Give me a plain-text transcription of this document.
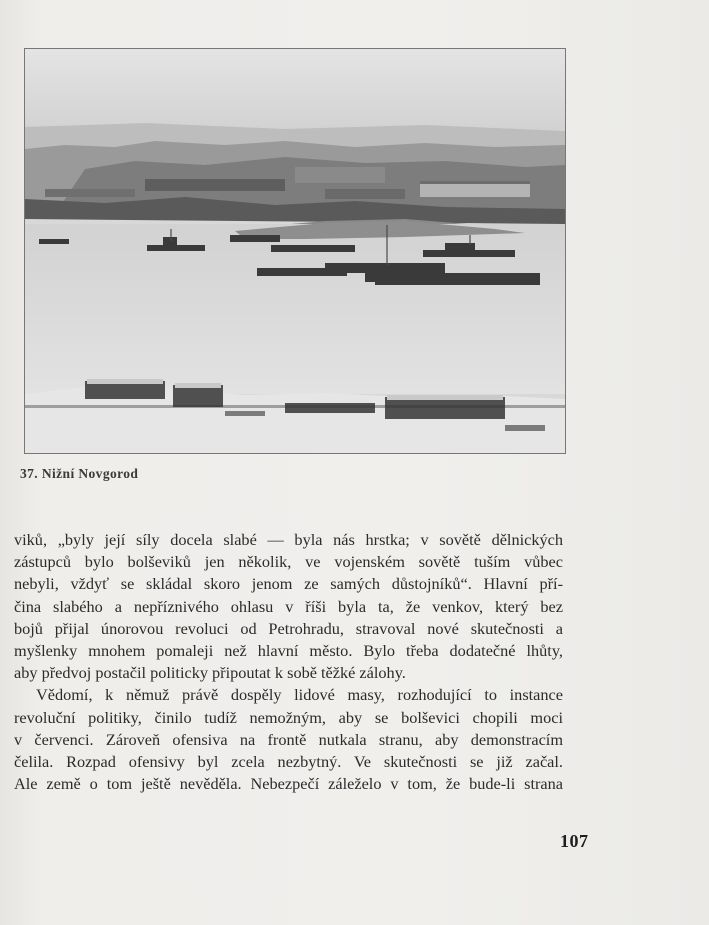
37. Nižní Novgorod
viků, „byly její síly docela slabé — byla nás hrstka; v sovětě dělnických
zástupců bylo bolševiků jen několik, ve vojenském sovětě tuším vůbec
nebyli, vždyť se skládal skoro jenom ze samých důstojníků“. Hlavní pří-
čina slabého a nepříznivého ohlasu v říši byla ta, že venkov, který bez
bojů přijal únorovou revoluci od Petrohradu, stravoval nové skutečnosti a
myšlenky mnohem pomaleji než hlavní město. Bylo třeba dodatečné lhůty,
aby předvoj postačil politicky připoutat k sobě těžké zálohy.
Vědomí, k němuž právě dospěly lidové masy, rozhodující to instance
revoluční politiky, činilo tudíž nemožným, aby se bolševici chopili moci
v červenci. Zároveň ofensiva na frontě nutkala stranu, aby demonstracím
čelila. Rozpad ofensivy byl zcela nezbytný. Ve skutečnosti se již začal.
Ale země o tom ještě nevěděla. Nebezpečí záleželo v tom, že bude-li strana
107
